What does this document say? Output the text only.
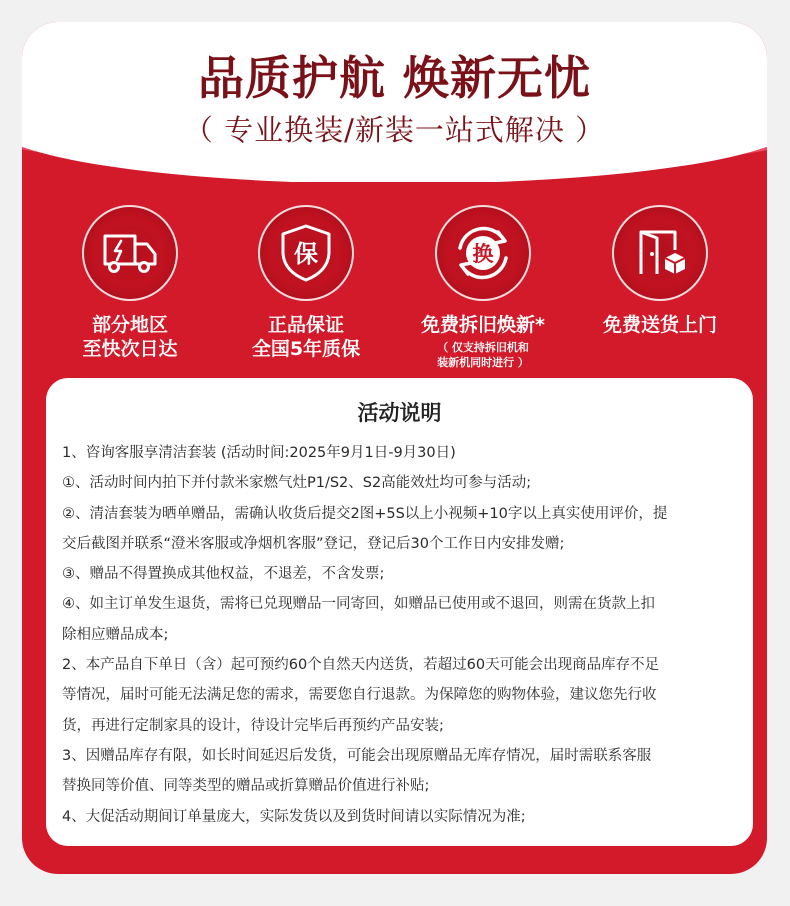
品质护航 焕新无忧
（ 专业换装/新装一站式解决 ）
部分地区
至快次日达
保
正品保证
全国5年质保
换
免费拆旧焕新*
（ 仅支持拆旧机和
装新机同时进行 ）
免费送货上门
活动说明
1、咨询客服享清洁套装 (活动时间:2025年9月1日-9月30日)
①、活动时间内拍下并付款米家燃气灶P1/S2、S2高能效灶均可参与活动;
②、清洁套装为晒单赠品，需确认收货后提交2图+5S以上小视频+10字以上真实使用评价，提
交后截图并联系“澄米客服或净烟机客服”登记，登记后30个工作日内安排发赠;
③、赠品不得置换成其他权益，不退差，不含发票;
④、如主订单发生退货，需将已兑现赠品一同寄回，如赠品已使用或不退回，则需在货款上扣
除相应赠品成本;
2、本产品自下单日（含）起可预约60个自然天内送货，若超过60天可能会出现商品库存不足
等情况，届时可能无法满足您的需求，需要您自行退款。为保障您的购物体验，建议您先行收
货，再进行定制家具的设计，待设计完毕后再预约产品安装;
3、因赠品库存有限，如长时间延迟后发货，可能会出现原赠品无库存情况，届时需联系客服
替换同等价值、同等类型的赠品或折算赠品价值进行补贴;
4、大促活动期间订单量庞大，实际发货以及到货时间请以实际情况为准;
